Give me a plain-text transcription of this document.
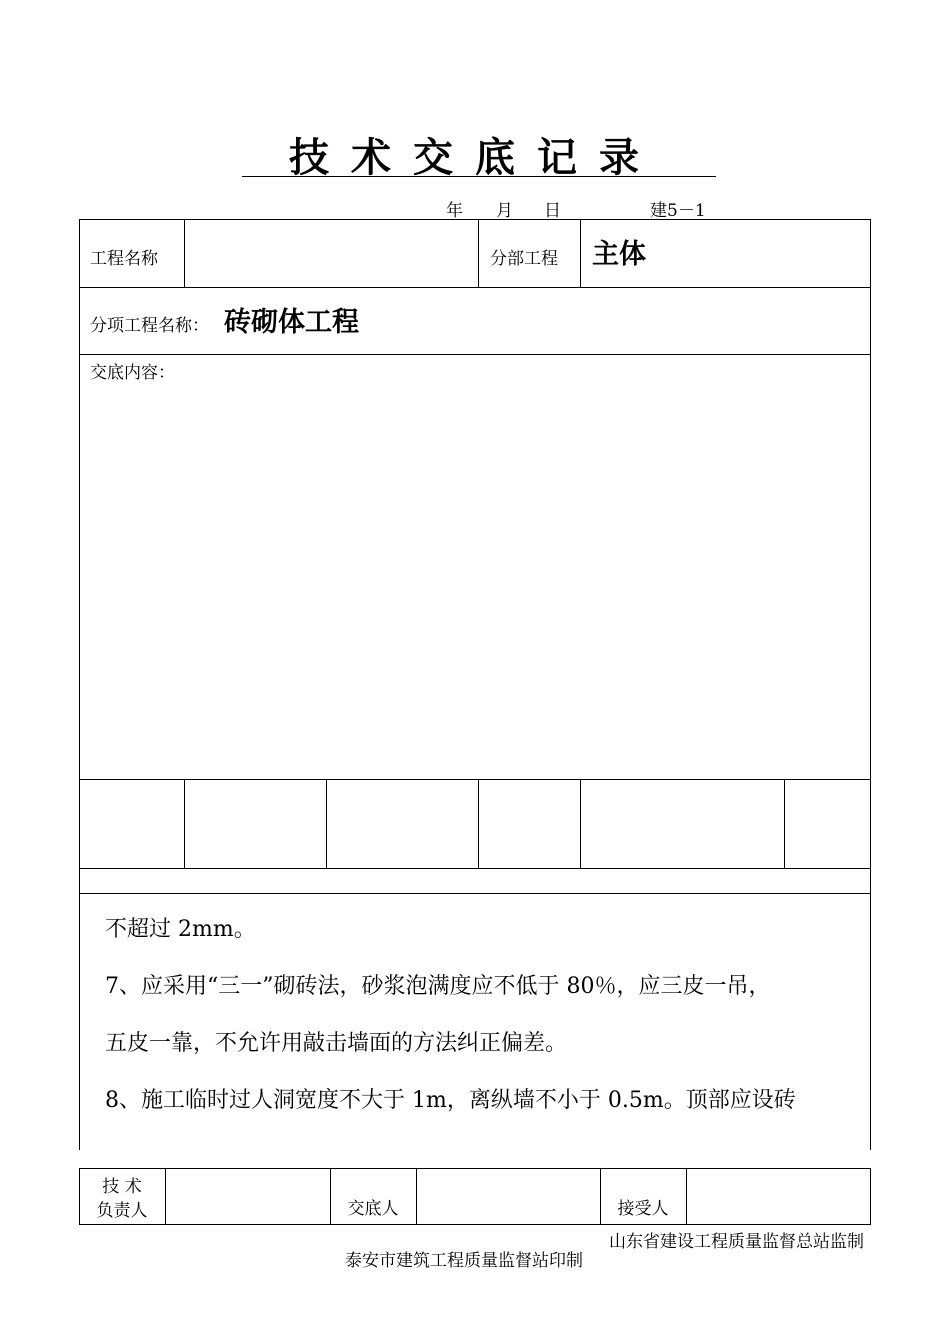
技术交底记录
年 月 日	建5－1
工程名称	分部工程 主体
分项工程名称： 砖砌体工程
交底内容：
不超过 2mm。
7、应采用“三一”砌砖法，砂浆泡满度应不低于 80％，应三皮一吊，
五皮一靠，不允许用敲击墙面的方法纠正偏差。
8、施工临时过人洞宽度不大于 1m，离纵墙不小于 0.5m。顶部应设砖
技 术
负责人	交底人	接受人
山东省建设工程质量监督总站监制
泰安市建筑工程质量监督站印制
